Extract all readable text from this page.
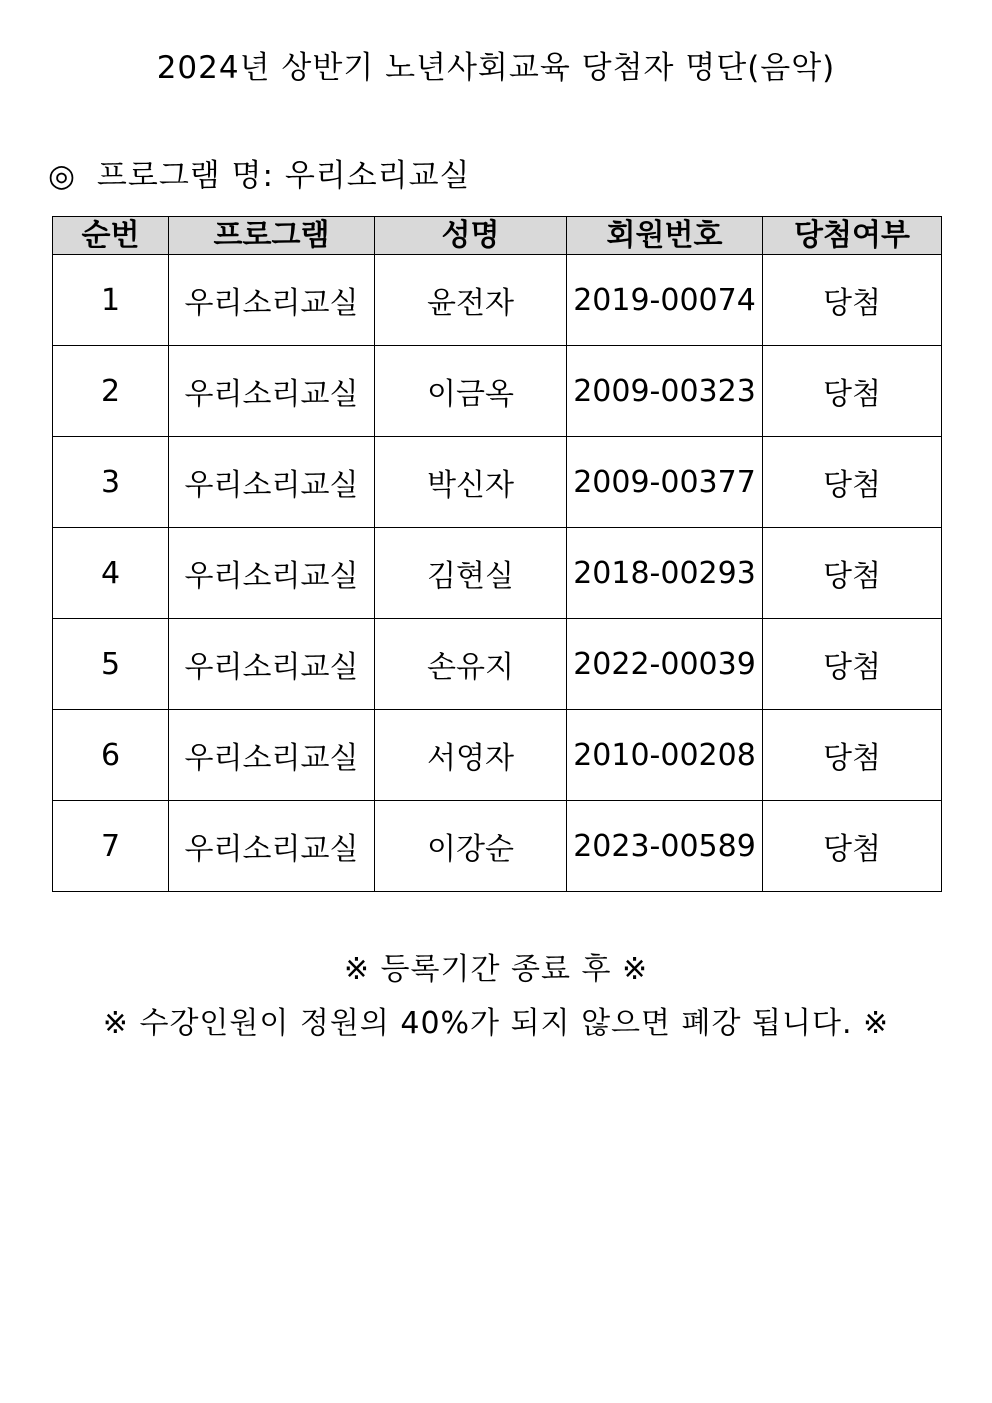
2024년 상반기 노년사회교육 당첨자 명단(음악)
◎ 프로그램 명: 우리소리교실
순번	프로그램	성명	회원번호	당첨여부
1	우리소리교실	윤전자	2019-00074	당첨
2	우리소리교실	이금옥	2009-00323	당첨
3	우리소리교실	박신자	2009-00377	당첨
4	우리소리교실	김현실	2018-00293	당첨
5	우리소리교실	손유지	2022-00039	당첨
6	우리소리교실	서영자	2010-00208	당첨
7	우리소리교실	이강순	2023-00589	당첨
※ 등록기간 종료 후 ※
※ 수강인원이 정원의 40%가 되지 않으면 폐강 됩니다. ※
